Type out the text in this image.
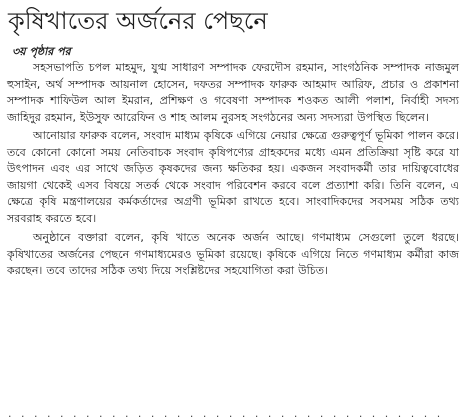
কৃষিখাতের অর্জনের পেছনে

৩য় পৃষ্ঠার পর

সহসভাপতি চপল মাহমুদ, যুগ্ম সাধারণ সম্পাদক ফেরদৌস রহমান, সাংগঠনিক সম্পাদক নাজমুল হুসাইন, অর্থ সম্পাদক আয়নাল হোসেন, দফতর সম্পাদক ফারুক আহমাদ আরিফ, প্রচার ও প্রকাশনা সম্পাদক শাফিউল আল ইমরান, প্রশিক্ষণ ও গবেষণা সম্পাদক শওকত আলী পলাশ, নির্বাহী সদস্য জাহিদুর রহমান, ইউসুফ আরেফিন ও শাহ আলম নুরসহ সংগঠনের অন্য সদস্যরা উপস্থিত ছিলেন।

আনোয়ার ফারুক বলেন, সংবাদ মাধ্যম কৃষিকে এগিয়ে নেয়ার ক্ষেত্রে গুরুত্বপূর্ণ ভূমিকা পালন করে। তবে কোনো কোনো সময় নেতিবাচক সংবাদ কৃষিপণ্যের গ্রাহকদের মধ্যে এমন প্রতিক্রিয়া সৃষ্টি করে যা উৎপাদন এবং এর সাথে জড়িত কৃষকদের জন্য ক্ষতিকর হয়। একজন সংবাদকর্মী তার দায়িত্ববোধের জায়গা থেকেই এসব বিষয়ে সতর্ক থেকে সংবাদ পরিবেশন করবে বলে প্রত্যাশা করি। তিনি বলেন, এ ক্ষেত্রে কৃষি মন্ত্রণালয়ের কর্মকর্তাদের অগ্রণী ভূমিকা রাখতে হবে। সাংবাদিকদের সবসময় সঠিক তথ্য সরবরাহ করতে হবে।

অনুষ্ঠানে বক্তারা বলেন, কৃষি খাতে অনেক অর্জন আছে। গণমাধ্যম সেগুলো তুলে ধরছে। কৃষিখাতের অর্জনের পেছনে গণমাধ্যমেরও ভূমিকা রয়েছে। কৃষিকে এগিয়ে নিতে গণমাধ্যম কর্মীরা কাজ করছেন। তবে তাদের সঠিক তথ্য দিয়ে সংশ্লিষ্টদের সহযোগিতা করা উচিত।

· · · · · · · · · · · · · · · · · · · · · · · · · · · · · · · · · ·
